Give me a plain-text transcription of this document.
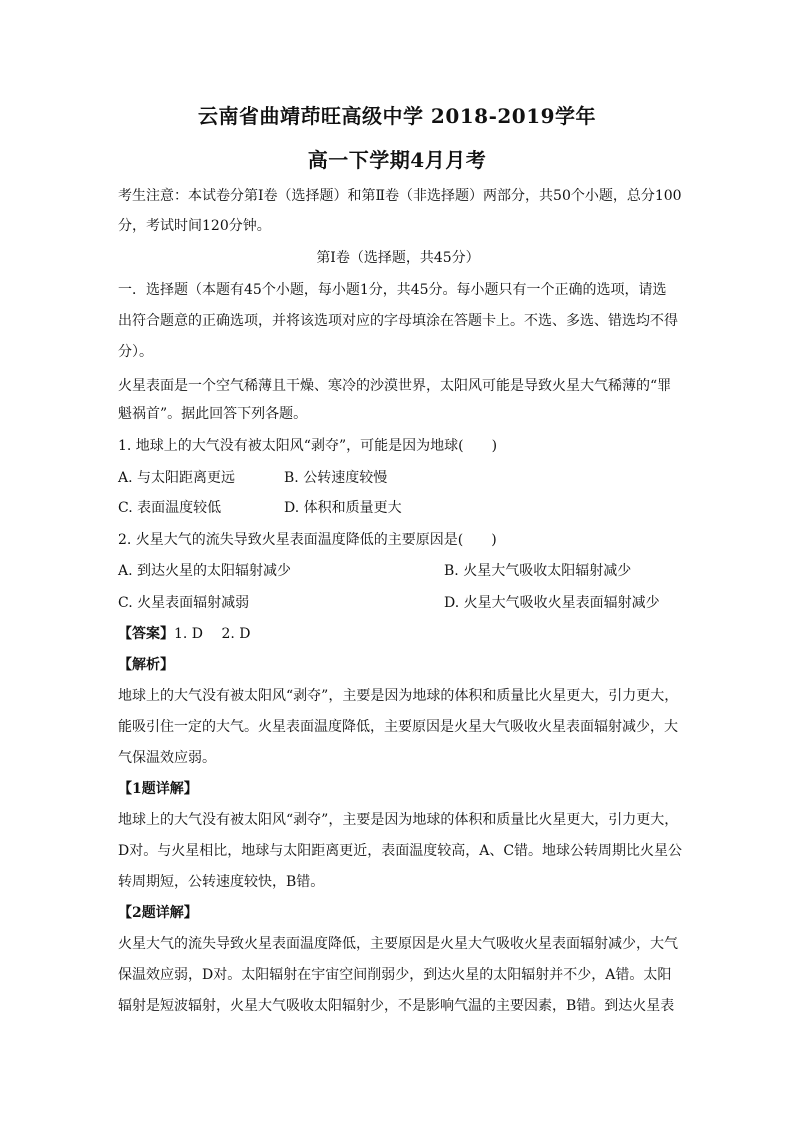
云南省曲靖茚旺高级中学 2018-2019学年
高一下学期4月月考
考生注意：本试卷分第Ⅰ卷（选择题）和第Ⅱ卷（非选择题）两部分，共50个小题，总分100
分，考试时间120分钟。
第Ⅰ卷（选择题，共45分）
一．选择题（本题有45个小题，每小题1分，共45分。每小题只有一个正确的选项，请选
出符合题意的正确选项，并将该选项对应的字母填涂在答题卡上。不选、多选、错选均不得
分）。
火星表面是一个空气稀薄且干燥、寒冷的沙漠世界，太阳风可能是导致火星大气稀薄的“罪
魁祸首”。据此回答下列各题。
1. 地球上的大气没有被太阳风“剥夺”，可能是因为地球(　　)
A. 与太阳距离更远	B. 公转速度较慢
C. 表面温度较低	D. 体积和质量更大
2. 火星大气的流失导致火星表面温度降低的主要原因是(　　)
A. 到达火星的太阳辐射减少	B. 火星大气吸收太阳辐射减少
C. 火星表面辐射减弱	D. 火星大气吸收火星表面辐射减少
【答案】1. D　 2. D
【解析】
地球上的大气没有被太阳风“剥夺”，主要是因为地球的体积和质量比火星更大，引力更大，
能吸引住一定的大气。火星表面温度降低，主要原因是火星大气吸收火星表面辐射减少，大
气保温效应弱。
【1题详解】
地球上的大气没有被太阳风“剥夺”，主要是因为地球的体积和质量比火星更大，引力更大，
D对。与火星相比，地球与太阳距离更近，表面温度较高，A、C错。地球公转周期比火星公
转周期短，公转速度较快，B错。
【2题详解】
火星大气的流失导致火星表面温度降低，主要原因是火星大气吸收火星表面辐射减少，大气
保温效应弱，D对。太阳辐射在宇宙空间削弱少，到达火星的太阳辐射并不少，A错。太阳
辐射是短波辐射，火星大气吸收太阳辐射少，不是影响气温的主要因素，B错。到达火星表
